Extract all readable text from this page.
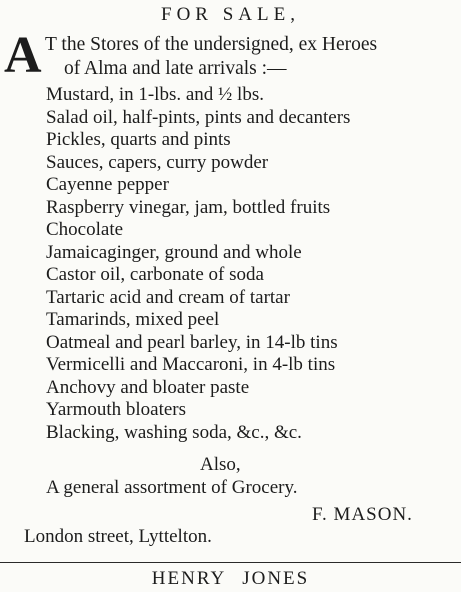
FOR SALE,
A T the Stores of the undersigned, ex Heroes
of Alma and late arrivals :—
Mustard, in 1-lbs. and ½ lbs.
Salad oil, half-pints, pints and decanters
Pickles, quarts and pints
Sauces, capers, curry powder
Cayenne pepper
Raspberry vinegar, jam, bottled fruits
Chocolate
Jamaicaginger, ground and whole
Castor oil, carbonate of soda
Tartaric acid and cream of tartar
Tamarinds, mixed peel
Oatmeal and pearl barley, in 14-lb tins
Vermicelli and Maccaroni, in 4-lb tins
Anchovy and bloater paste
Yarmouth bloaters
Blacking, washing soda, &c., &c.
Also,
A general assortment of Grocery.
F. MASON.
London street, Lyttelton.
HENRY JONES
